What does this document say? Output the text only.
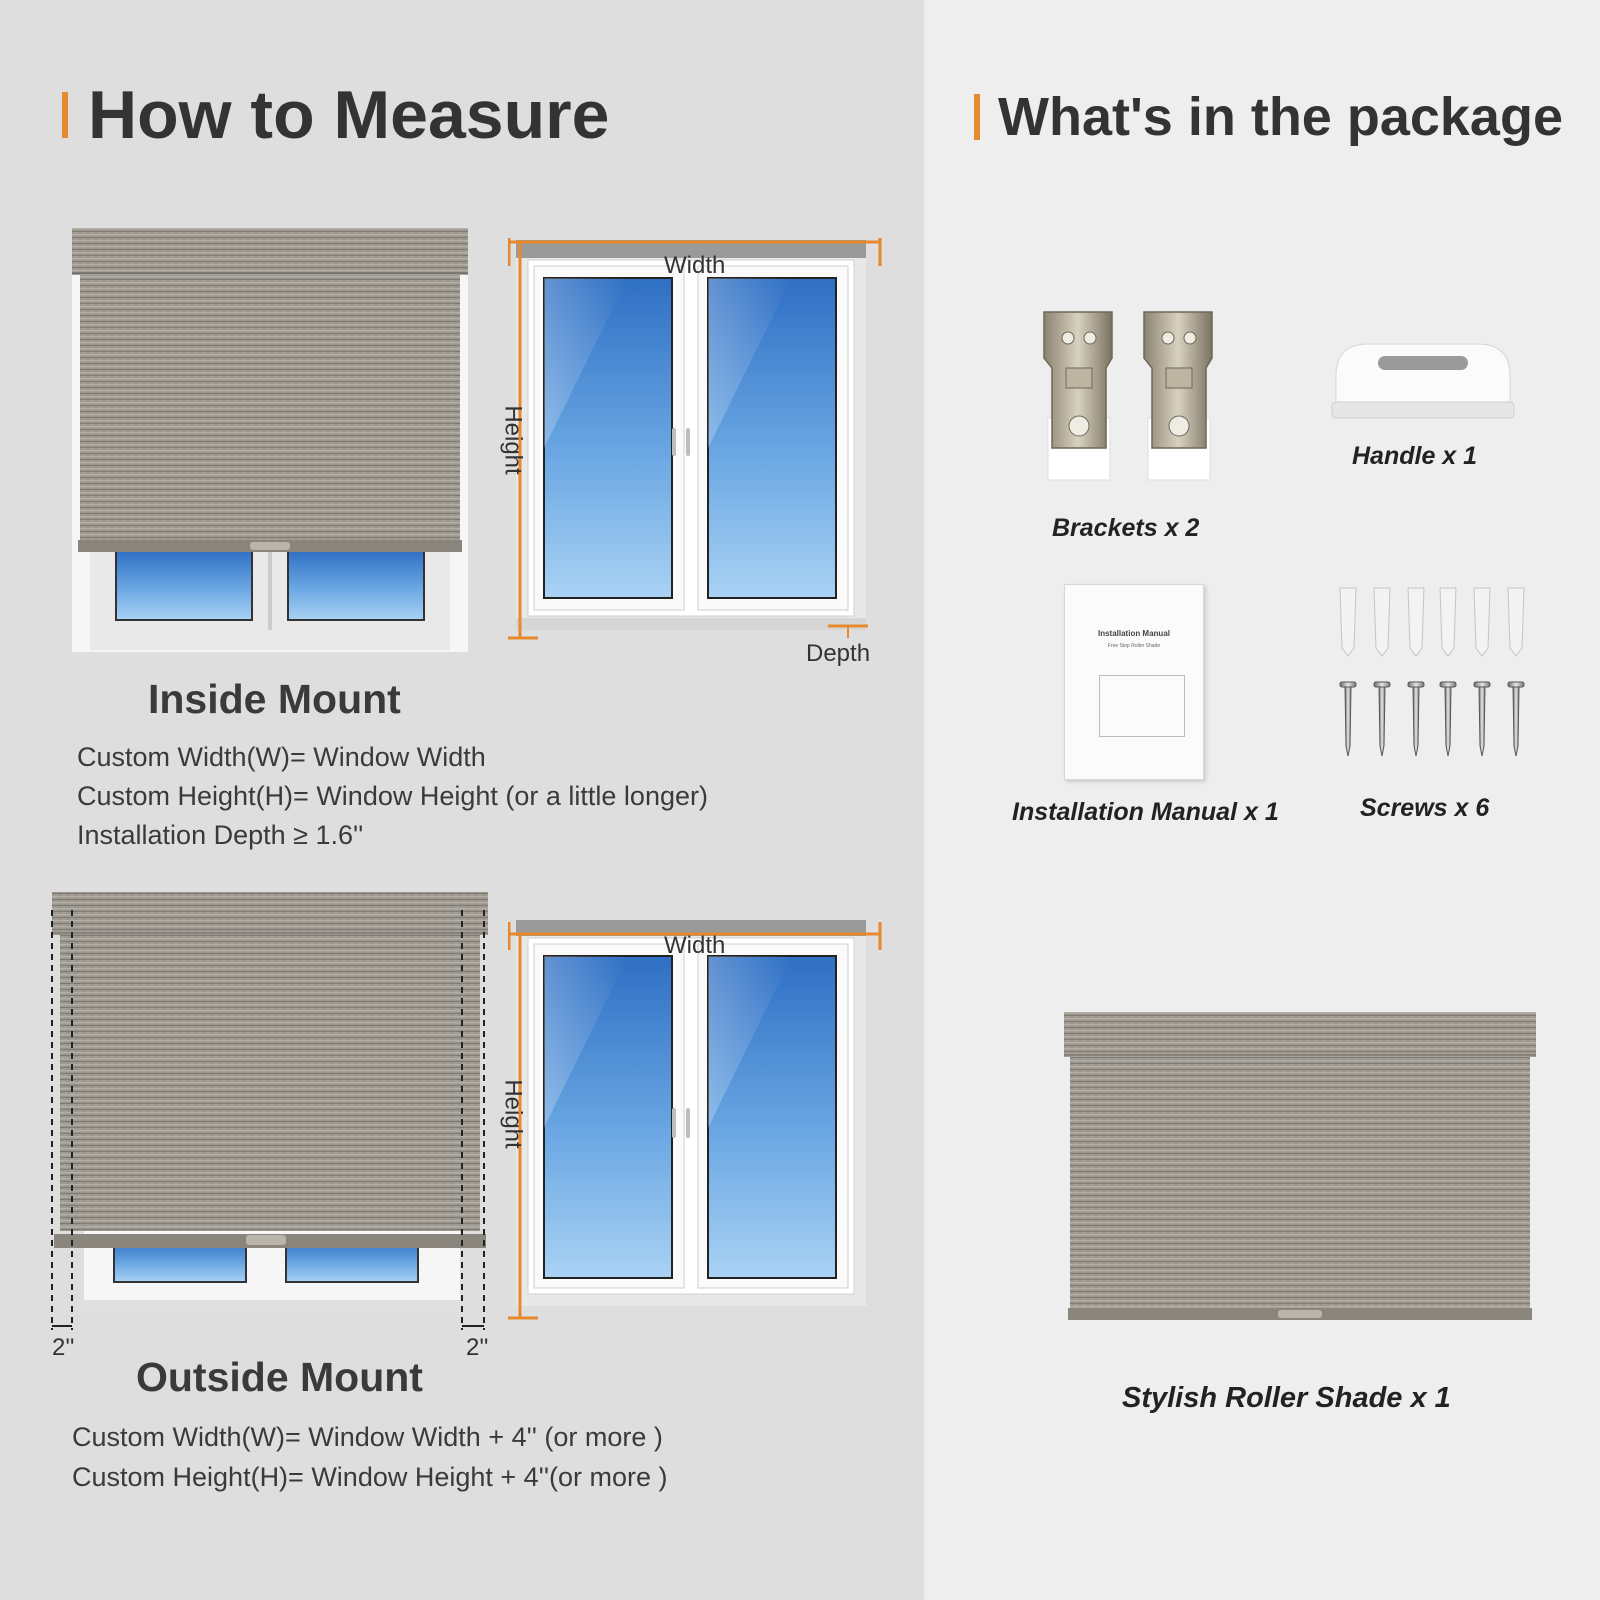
How to Measure
Width
Height
Depth
Inside Mount
Custom Width(W)= Window Width
Custom Height(H)= Window Height (or a little longer)
Installation Depth ≥ 1.6''
2''	2''
Width
Height
Outside Mount
Custom Width(W)= Window Width + 4'' (or more )
Custom Height(H)= Window Height + 4''(or more )
What's in the package
Brackets x 2
Handle x 1
Installation Manual
Free Stop Roller Shade
Installation Manual x 1	Screws x 6
Stylish Roller Shade x 1
